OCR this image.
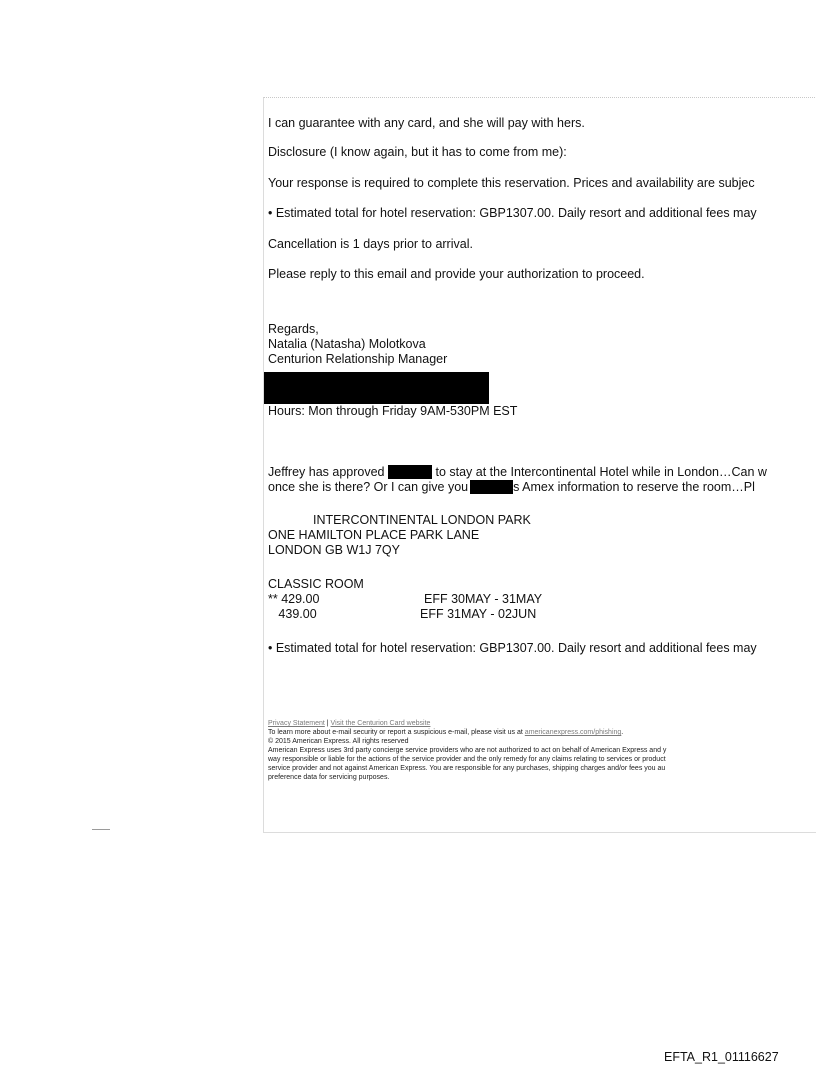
I can guarantee with any card, and she will pay with hers.
Disclosure (I know again, but it has to come from me):
Your response is required to complete this reservation. Prices and availability are subjec
• Estimated total for hotel reservation: GBP1307.00. Daily resort and additional fees may
Cancellation is 1 days prior to arrival.
Please reply to this email and provide your authorization to proceed.
Regards,
Natalia (Natasha) Molotkova
Centurion Relationship Manager
Hours: Mon through Friday 9AM-530PM EST
Jeffrey has approved	to stay at the Intercontinental Hotel while in London…Can w
once she is there? Or I can give you	s Amex information to reserve the room…Pl
INTERCONTINENTAL LONDON PARK
ONE HAMILTON PLACE PARK LANE
LONDON GB W1J 7QY
CLASSIC ROOM
** 429.00	EFF 30MAY - 31MAY
439.00	EFF 31MAY - 02JUN
• Estimated total for hotel reservation: GBP1307.00. Daily resort and additional fees may
Privacy Statement | Visit the Centurion Card website
To learn more about e-mail security or report a suspicious e-mail, please visit us at americanexpress.com/phishing.
© 2015 American Express. All rights reserved
American Express uses 3rd party concierge service providers who are not authorized to act on behalf of American Express and y
way responsible or liable for the actions of the service provider and the only remedy for any claims relating to services or product
service provider and not against American Express. You are responsible for any purchases, shipping charges and/or fees you au
preference data for servicing purposes.
EFTA_R1_01116627
